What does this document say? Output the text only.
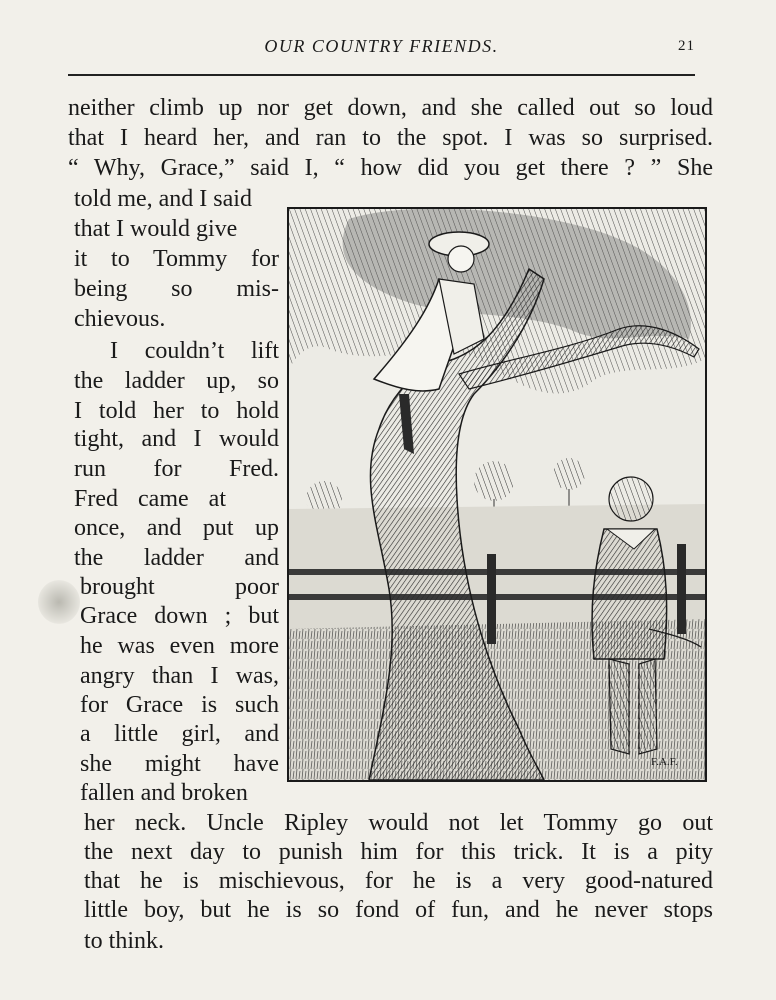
OUR COUNTRY FRIENDS.	21
neither climb up nor get down, and she called out so loud
that I heard her, and ran to the spot. I was so surprised.
“ Why, Grace,” said I, “ how did you get there ? ” She
told me, and I said
that I would give
it to Tommy for
being so mis-
chievous.
I couldn’t lift
the ladder up, so
I told her to hold
tight, and I would
run for Fred.
Fred came at
once, and put up
the ladder and
brought poor
Grace down ; but
he was even more
angry than I was,
for Grace is such
a little girl, and
she might have
fallen and broken
her neck. Uncle Ripley would not let Tommy go out
the next day to punish him for this trick. It is a pity
that he is mischievous, for he is a very good-natured
little boy, but he is so fond of fun, and he never stops
to think.
F.A.F.
